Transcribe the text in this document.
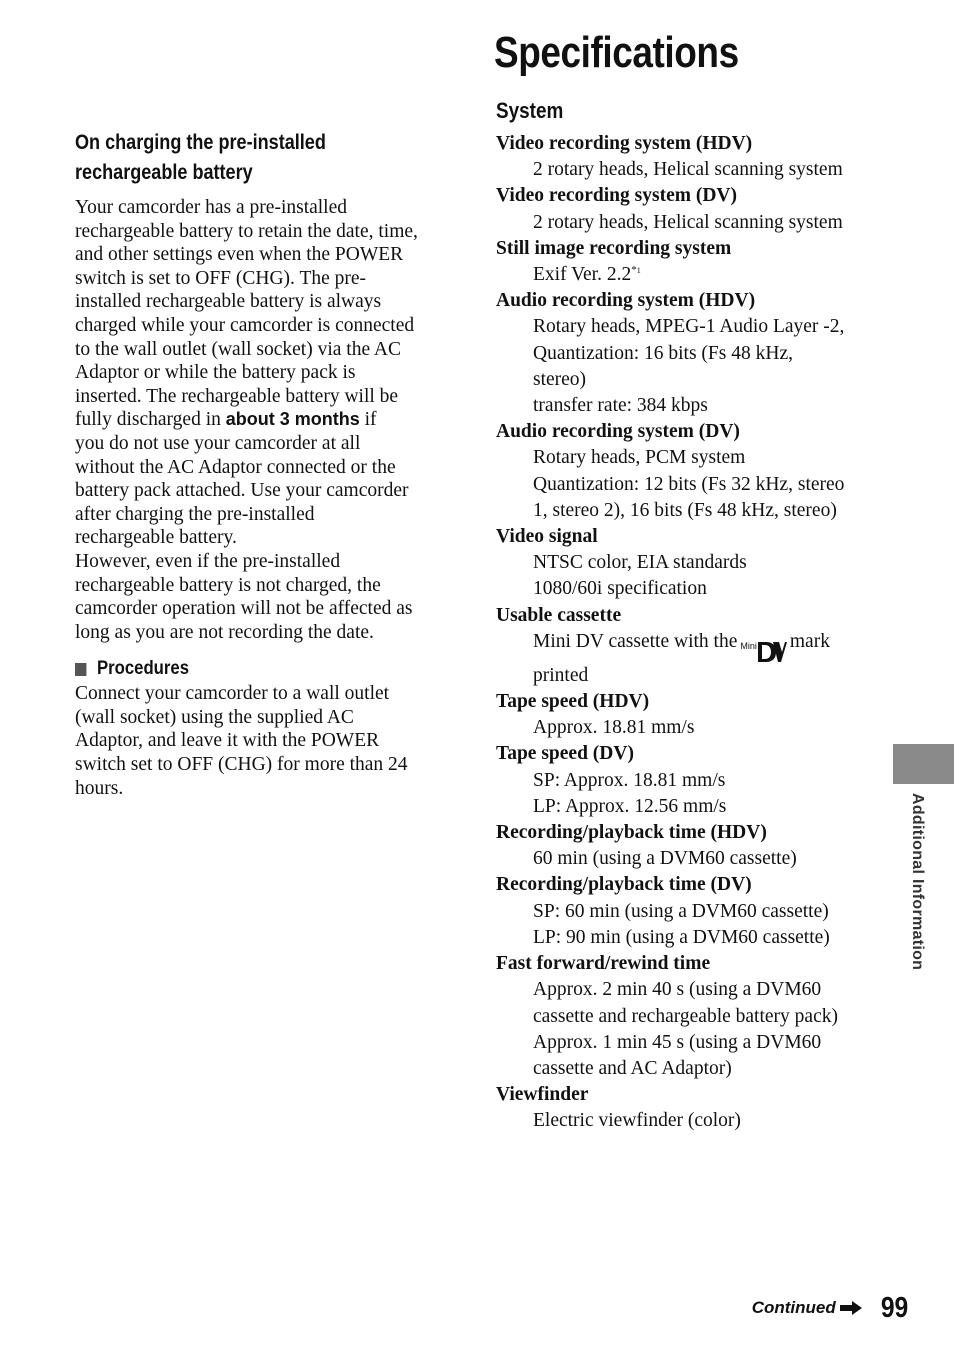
Specifications
On charging the pre-installed
rechargeable battery
Your camcorder has a pre-installed
rechargeable battery to retain the date, time,
and other settings even when the POWER
switch is set to OFF (CHG). The pre-
installed rechargeable battery is always
charged while your camcorder is connected
to the wall outlet (wall socket) via the AC
Adaptor or while the battery pack is
inserted. The rechargeable battery will be
fully discharged in about 3 months if
you do not use your camcorder at all
without the AC Adaptor connected or the
battery pack attached. Use your camcorder
after charging the pre-installed
rechargeable battery.
However, even if the pre-installed
rechargeable battery is not charged, the
camcorder operation will not be affected as
long as you are not recording the date.
Procedures
Connect your camcorder to a wall outlet
(wall socket) using the supplied AC
Adaptor, and leave it with the POWER
switch set to OFF (CHG) for more than 24
hours.
System
Video recording system (HDV)
2 rotary heads, Helical scanning system
Video recording system (DV)
2 rotary heads, Helical scanning system
Still image recording system
Exif Ver. 2.2$^{*1}$
Audio recording system (HDV)
Rotary heads, MPEG-1 Audio Layer -2,
Quantization: 16 bits (Fs 48 kHz,
stereo)
transfer rate: 384 kbps
Audio recording system (DV)
Rotary heads, PCM system
Quantization: 12 bits (Fs 32 kHz, stereo
1, stereo 2), 16 bits (Fs 48 kHz, stereo)
Video signal
NTSC color, EIA standards
1080/60i specification
Usable cassette
Mini DV cassette with the Mini mark
printed
Tape speed (HDV)
Approx. 18.81 mm/s
Tape speed (DV)
SP: Approx. 18.81 mm/s
LP: Approx. 12.56 mm/s
Recording/playback time (HDV)
60 min (using a DVM60 cassette)
Recording/playback time (DV)
SP: 60 min (using a DVM60 cassette)
LP: 90 min (using a DVM60 cassette)
Fast forward/rewind time
Approx. 2 min 40 s (using a DVM60
cassette and rechargeable battery pack)
Approx. 1 min 45 s (using a DVM60
cassette and AC Adaptor)
Viewfinder
Electric viewfinder (color)
Additional Information
Continued 99
